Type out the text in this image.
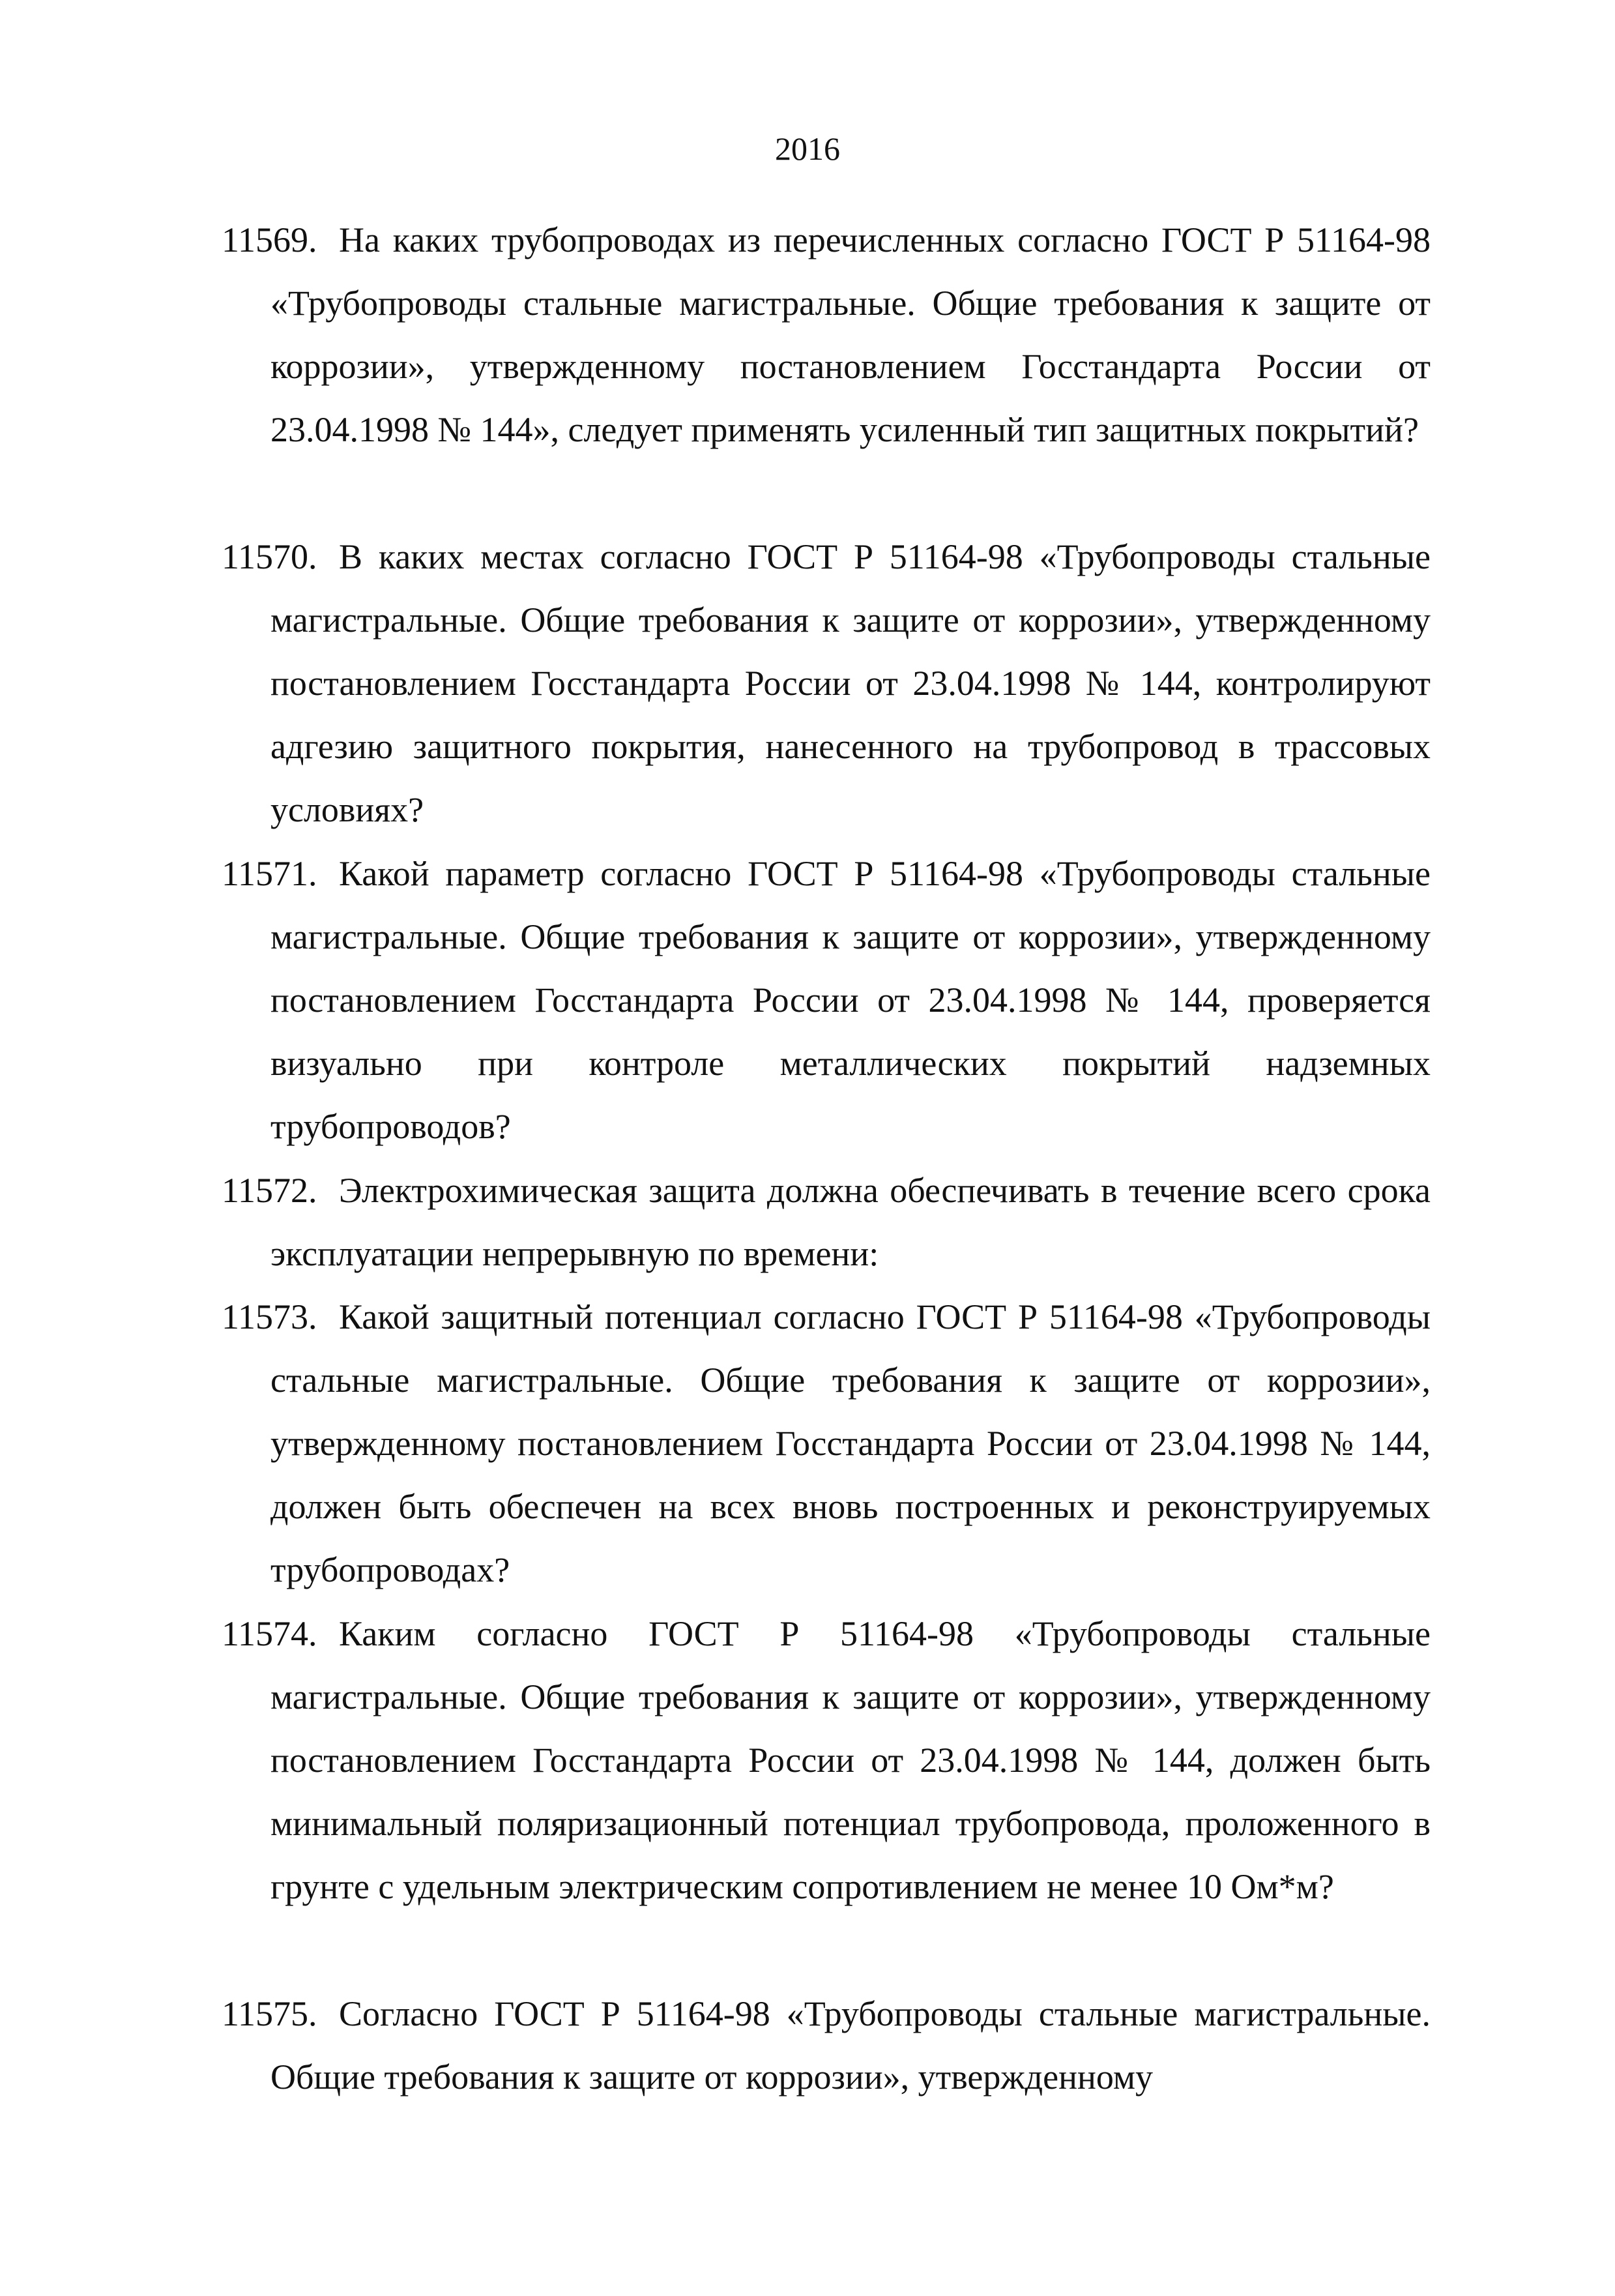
2016
11569. На каких трубопроводах из перечисленных согласно ГОСТ Р 51164-98 «Трубопроводы стальные магистральные. Общие требования к защите от коррозии», утвержденному постановлением Госстандарта России от 23.04.1998 № 144», следует применять усиленный тип защитных покрытий?
11570. В каких местах согласно ГОСТ Р 51164-98 «Трубопроводы стальные магистральные. Общие требования к защите от коррозии», утвержденному постановлением Госстандарта России от 23.04.1998 № 144, контролируют адгезию защитного покрытия, нанесенного на трубопровод в трассовых условиях?
11571. Какой параметр согласно ГОСТ Р 51164-98 «Трубопроводы стальные магистральные. Общие требования к защите от коррозии», утвержденному постановлением Госстандарта России от 23.04.1998 № 144, проверяется визуально при контроле металлических покрытий надземных трубопроводов?
11572. Электрохимическая защита должна обеспечивать в течение всего срока эксплуатации непрерывную по времени:
11573. Какой защитный потенциал согласно ГОСТ Р 51164-98 «Трубопроводы стальные магистральные. Общие требования к защите от коррозии», утвержденному постановлением Госстандарта России от 23.04.1998 № 144, должен быть обеспечен на всех вновь построенных и реконструируемых трубопроводах?
11574. Каким согласно ГОСТ Р 51164-98 «Трубопроводы стальные магистральные. Общие требования к защите от коррозии», утвержденному постановлением Госстандарта России от 23.04.1998 № 144, должен быть минимальный поляризационный потенциал трубопровода, проложенного в грунте с удельным электрическим сопротивлением не менее 10 Ом*м?
11575. Согласно ГОСТ Р 51164-98 «Трубопроводы стальные магистральные. Общие требования к защите от коррозии», утвержденному
